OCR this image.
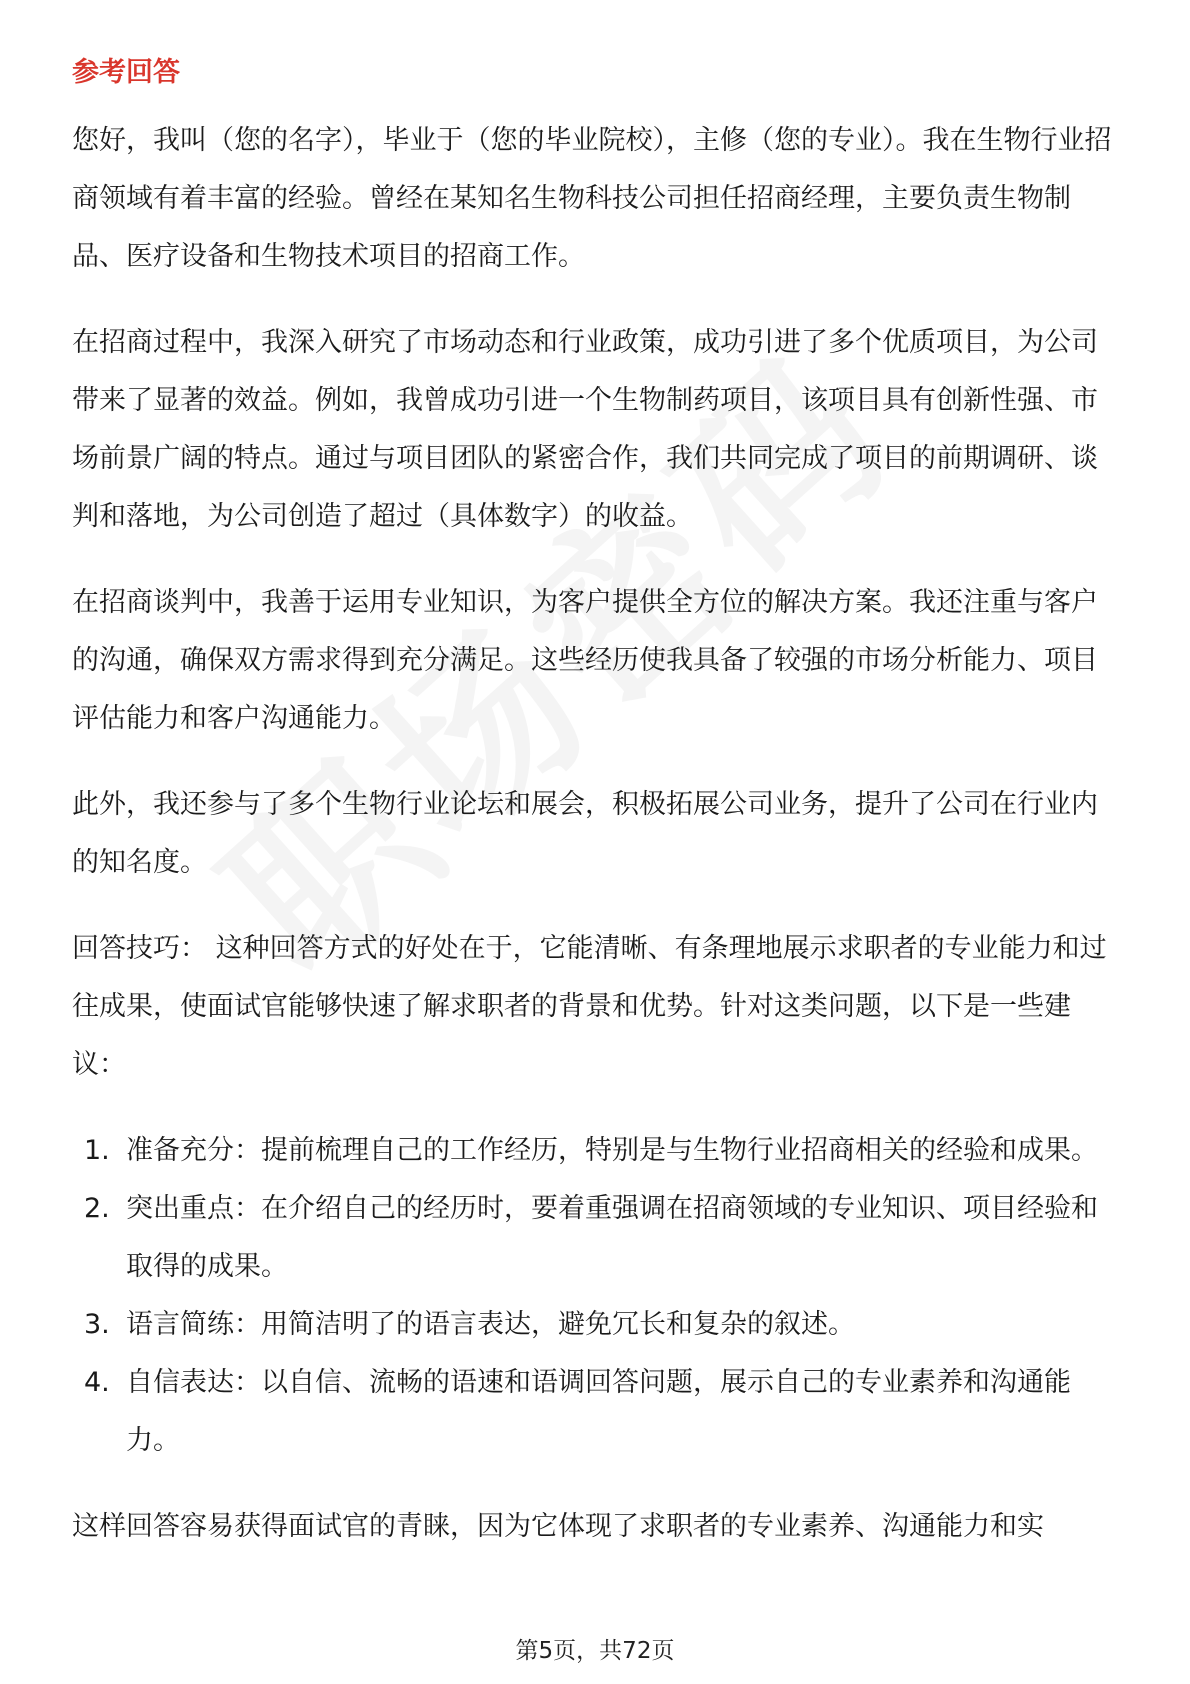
参考回答

您好，我叫（您的名字），毕业于（您的毕业院校），主修（您的专业）。我在生物行业招商领域有着丰富的经验。曾经在某知名生物科技公司担任招商经理，主要负责生物制品、医疗设备和生物技术项目的招商工作。

在招商过程中，我深入研究了市场动态和行业政策，成功引进了多个优质项目，为公司带来了显著的效益。例如，我曾成功引进一个生物制药项目，该项目具有创新性强、市场前景广阔的特点。通过与项目团队的紧密合作，我们共同完成了项目的前期调研、谈判和落地，为公司创造了超过（具体数字）的收益。

在招商谈判中，我善于运用专业知识，为客户提供全方位的解决方案。我还注重与客户的沟通，确保双方需求得到充分满足。这些经历使我具备了较强的市场分析能力、项目评估能力和客户沟通能力。

此外，我还参与了多个生物行业论坛和展会，积极拓展公司业务，提升了公司在行业内的知名度。

回答技巧： 这种回答方式的好处在于，它能清晰、有条理地展示求职者的专业能力和过往成果，使面试官能够快速了解求职者的背景和优势。针对这类问题，以下是一些建议：

1. 准备充分：提前梳理自己的工作经历，特别是与生物行业招商相关的经验和成果。
2. 突出重点：在介绍自己的经历时，要着重强调在招商领域的专业知识、项目经验和取得的成果。
3. 语言简练：用简洁明了的语言表达，避免冗长和复杂的叙述。
4. 自信表达：以自信、流畅的语速和语调回答问题，展示自己的专业素养和沟通能力。

这样回答容易获得面试官的青睐，因为它体现了求职者的专业素养、沟通能力和实

第5页，共72页
